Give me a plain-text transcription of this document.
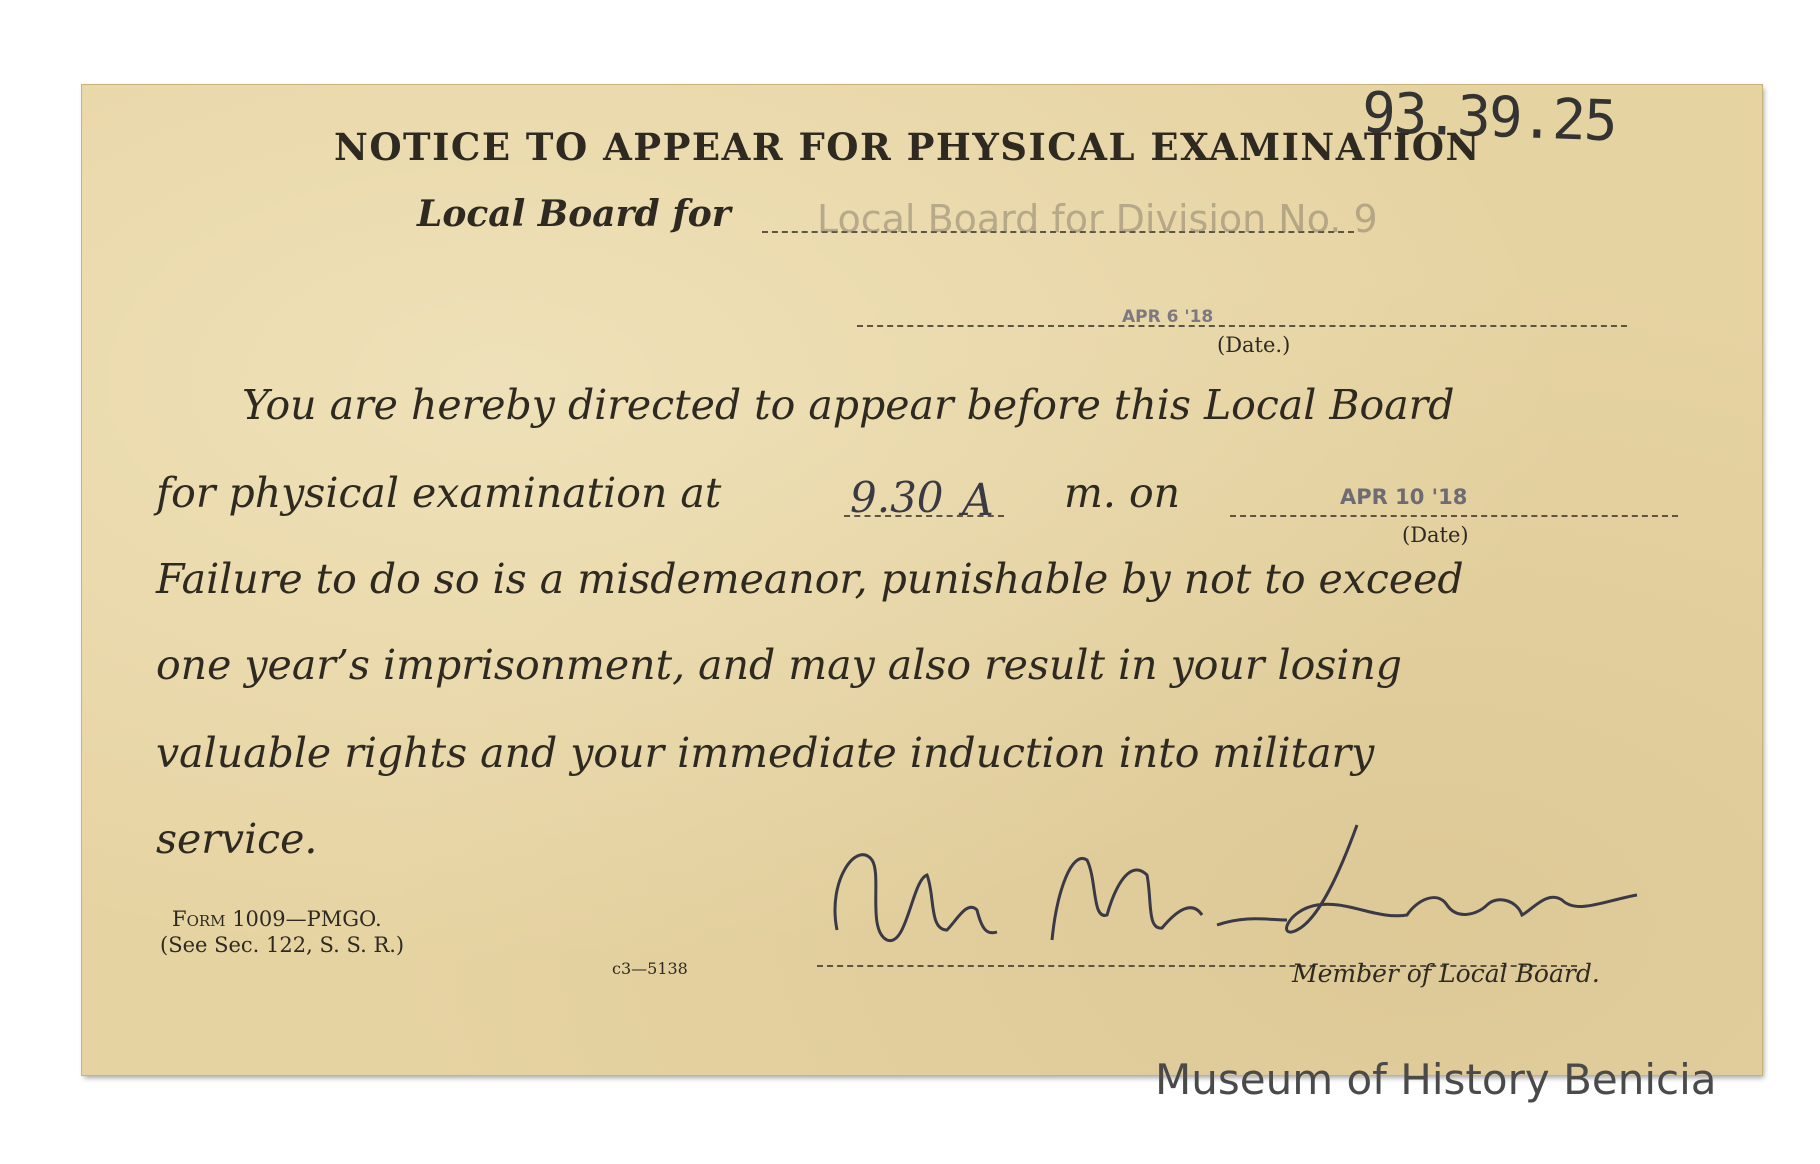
93.39.25
NOTICE TO APPEAR FOR PHYSICAL EXAMINATION
Local Board for Local Board for Division No. 9
APR 6 '18
(Date.)
You are hereby directed to appear before this Local Board
for physical examination at	9.30 A m. on	APR 10 '18
(Date)
Failure to do so is a misdemeanor, punishable by not to exceed
one year’s imprisonment, and may also result in your losing
valuable rights and your immediate induction into military
service.
Form 1009—PMGO.
(See Sec. 122, S. S. R.)
c3—5138	Member of Local Board.
Museum of History Benicia
